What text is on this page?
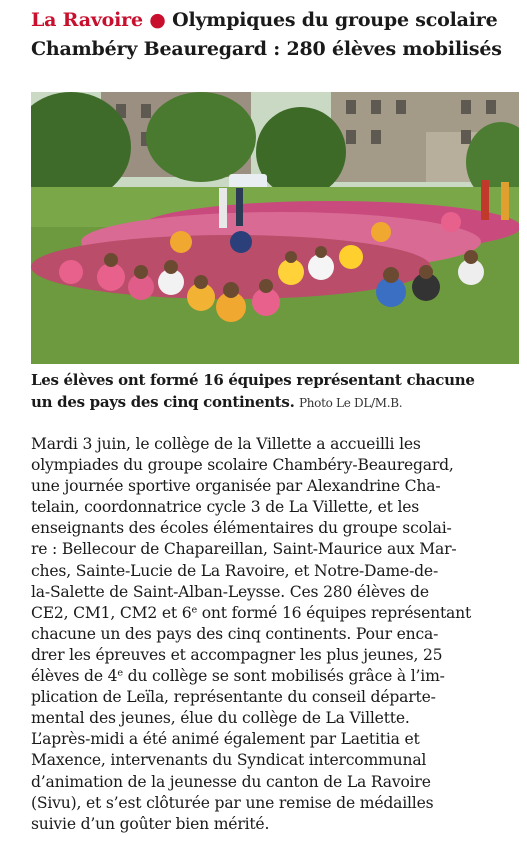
La Ravoire ● Olympiques du groupe scolaire
Chambéry Beauregard : 280 élèves mobilisés
Les élèves ont formé 16 équipes représentant chacune
un des pays des cinq continents. Photo Le DL/M.B.
Mardi 3 juin, le collège de la Villette a accueilli les
olympiades du groupe scolaire Chambéry-Beauregard,
une journée sportive organisée par Alexandrine Cha-
telain, coordonnatrice cycle 3 de La Villette, et les
enseignants des écoles élémentaires du groupe scolai-
re : Bellecour de Chapareillan, Saint-Maurice aux Mar-
ches, Sainte-Lucie de La Ravoire, et Notre-Dame-de-
la-Salette de Saint-Alban-Leysse. Ces 280 élèves de
CE2, CM1, CM2 et 6e ont formé 16 équipes représentant
chacune un des pays des cinq continents. Pour enca-
drer les épreuves et accompagner les plus jeunes, 25
élèves de 4e du collège se sont mobilisés grâce à l’im-
plication de Leïla, représentante du conseil départe-
mental des jeunes, élue du collège de La Villette.
L’après-midi a été animé également par Laetitia et
Maxence, intervenants du Syndicat intercommunal
d’animation de la jeunesse du canton de La Ravoire
(Sivu), et s’est clôturée par une remise de médailles
suivie d’un goûter bien mérité.
